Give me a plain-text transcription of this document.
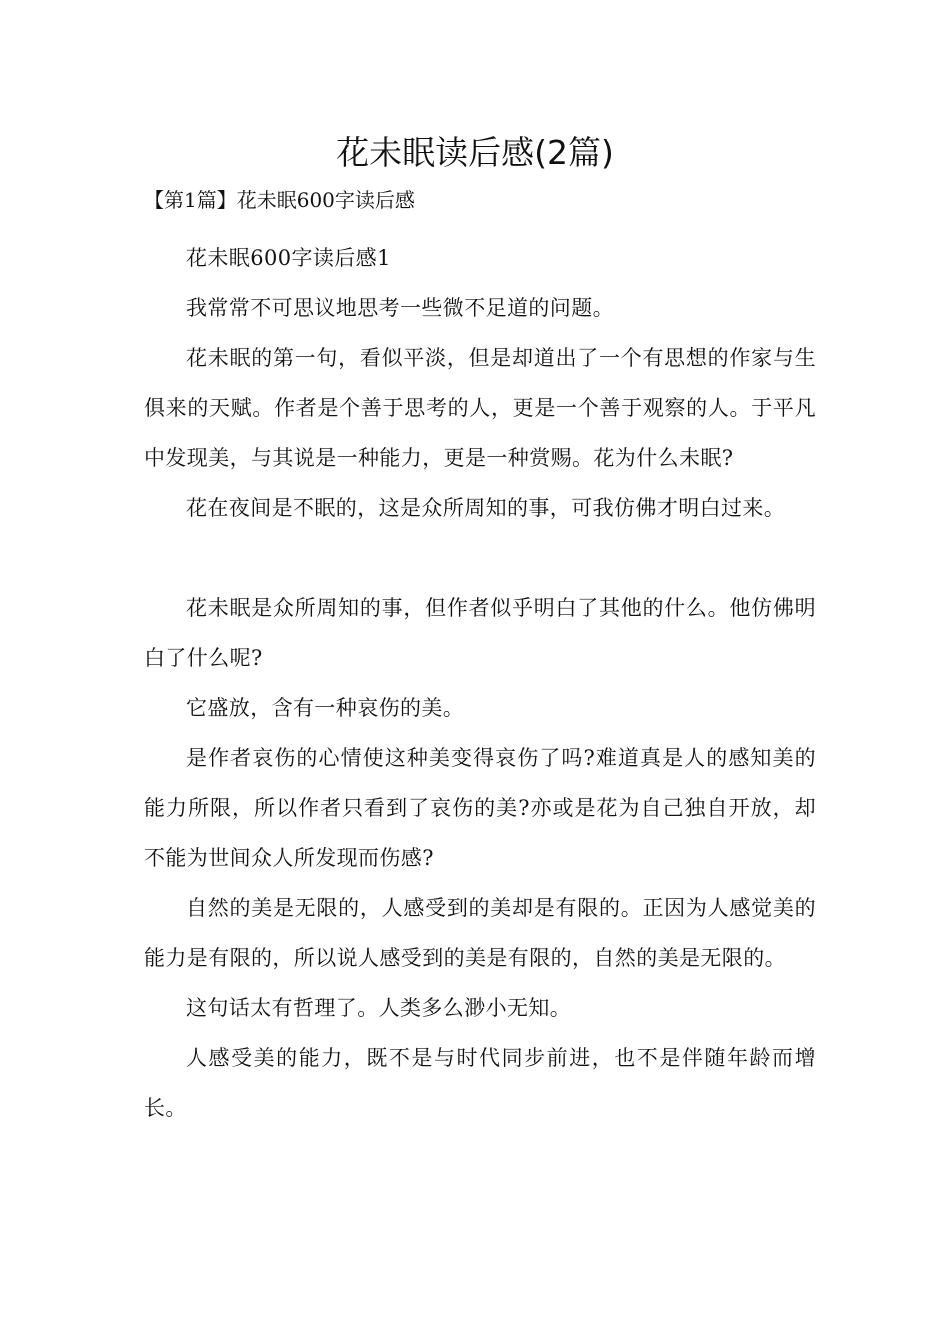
花未眠读后感(2篇)
【第1篇】花未眠600字读后感

花未眠600字读后感1

我常常不可思议地思考一些微不足道的问题。

花未眠的第一句，看似平淡，但是却道出了一个有思想的作家与生俱来的天赋。作者是个善于思考的人，更是一个善于观察的人。于平凡中发现美，与其说是一种能力，更是一种赏赐。花为什么未眠?

花在夜间是不眠的，这是众所周知的事，可我仿佛才明白过来。

花未眠是众所周知的事，但作者似乎明白了其他的什么。他仿佛明白了什么呢?

它盛放，含有一种哀伤的美。

是作者哀伤的心情使这种美变得哀伤了吗?难道真是人的感知美的能力所限，所以作者只看到了哀伤的美?亦或是花为自己独自开放，却不能为世间众人所发现而伤感?

自然的美是无限的，人感受到的美却是有限的。正因为人感觉美的能力是有限的，所以说人感受到的美是有限的，自然的美是无限的。

这句话太有哲理了。人类多么渺小无知。

人感受美的能力，既不是与时代同步前进，也不是伴随年龄而增长。
